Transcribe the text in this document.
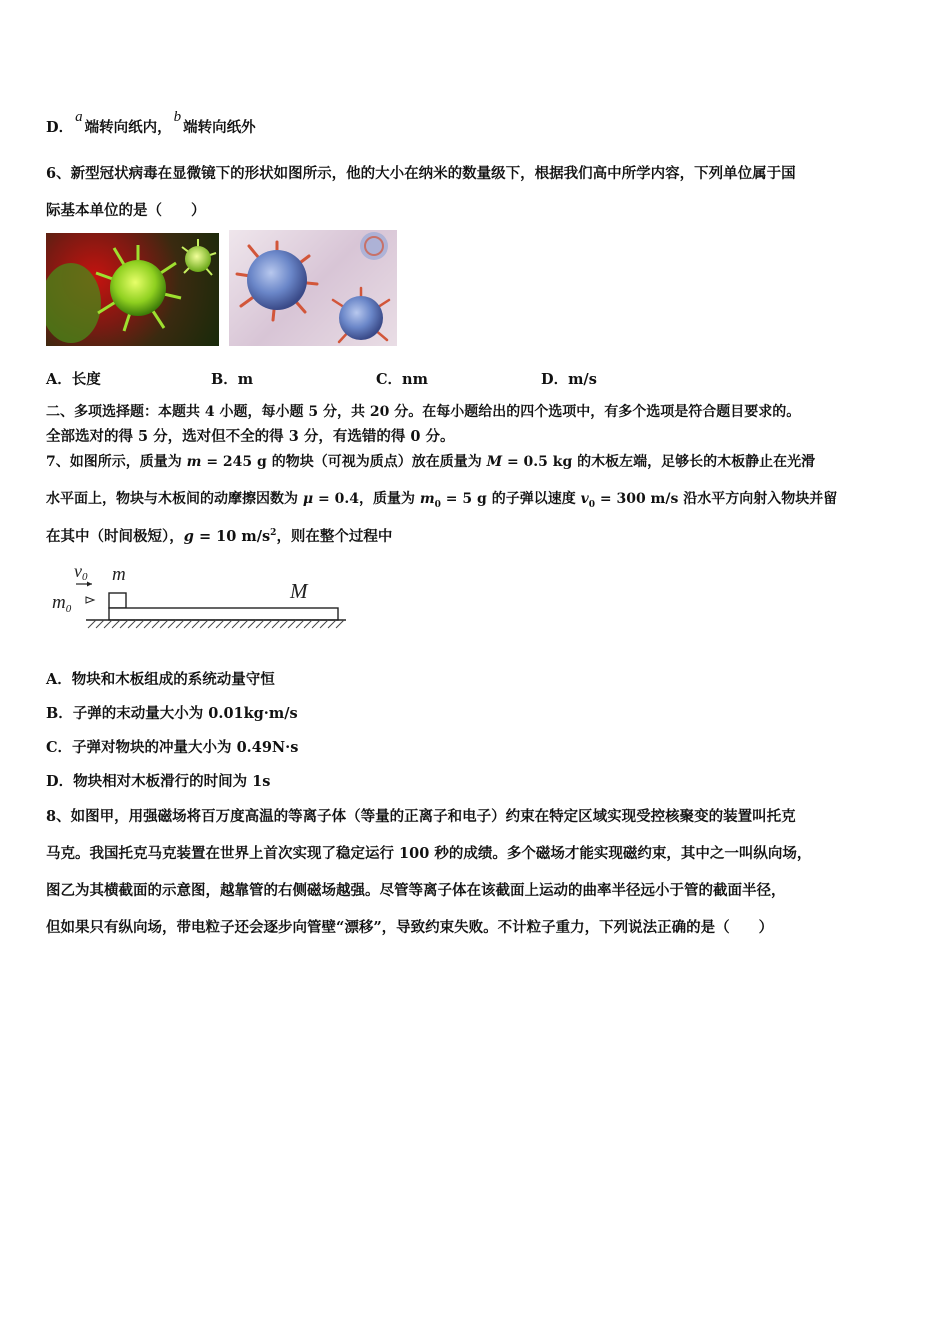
D．a端转向纸内，b端转向纸外
6、新型冠状病毒在显微镜下的形状如图所示，他的大小在纳米的数量级下，根据我们高中所学内容，下列单位属于国
际基本单位的是（　　）
A．长度	B．m	C．nm	D．m/s
二、多项选择题：本题共 4 小题，每小题 5 分，共 20 分。在每小题给出的四个选项中，有多个选项是符合题目要求的。
全部选对的得 5 分，选对但不全的得 3 分，有选错的得 0 分。
7、如图所示，质量为 m = 245 g 的物块（可视为质点）放在质量为 M = 0.5 kg 的木板左端，足够长的木板静止在光滑
水平面上，物块与木板间的动摩擦因数为 μ = 0.4，质量为 $m_0 = 5$ g 的子弹以速度 $v_0 = 300$ m/s 沿水平方向射入物块并留
在其中（时间极短），g = 10 $m/s^2$，则在整个过程中
v0 m
$m_0$
M
A．物块和木板组成的系统动量守恒
B．子弹的末动量大小为 0.01kg·m/s
C．子弹对物块的冲量大小为 0.49N·s
D．物块相对木板滑行的时间为 1s
8、如图甲，用强磁场将百万度高温的等离子体（等量的正离子和电子）约束在特定区域实现受控核聚变的装置叫托克
马克。我国托克马克装置在世界上首次实现了稳定运行 100 秒的成绩。多个磁场才能实现磁约束，其中之一叫纵向场，
图乙为其横截面的示意图，越靠管的右侧磁场越强。尽管等离子体在该截面上运动的曲率半径远小于管的截面半径，
但如果只有纵向场，带电粒子还会逐步向管壁“漂移”，导致约束失败。不计粒子重力，下列说法正确的是（　　）
